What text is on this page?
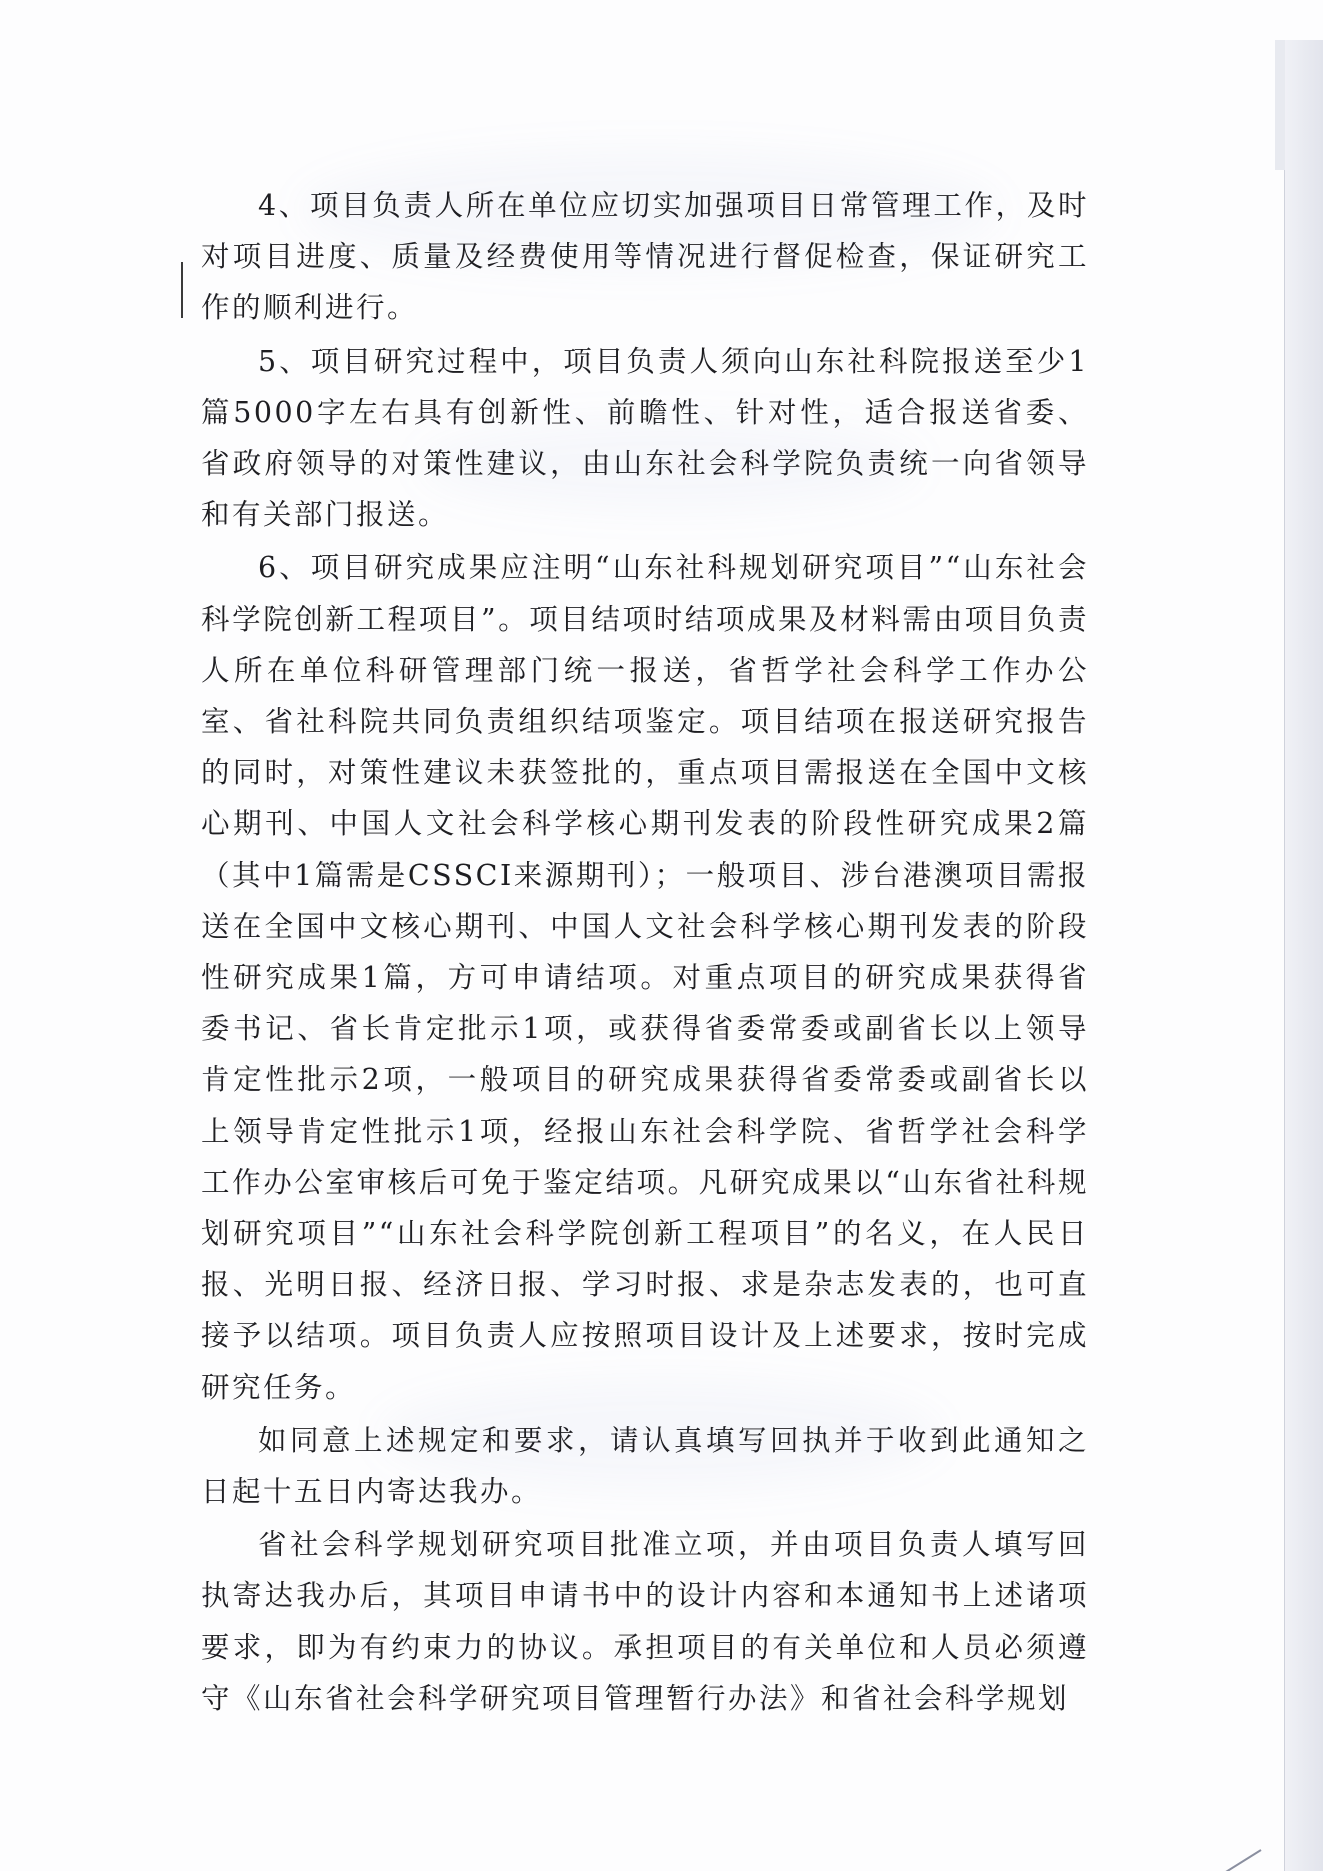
4、项目负责人所在单位应切实加强项目日常管理工作，及时对项目进度、质量及经费使用等情况进行督促检查，保证研究工作的顺利进行。

5、项目研究过程中，项目负责人须向山东社科院报送至少1篇5000字左右具有创新性、前瞻性、针对性，适合报送省委、省政府领导的对策性建议，由山东社会科学院负责统一向省领导和有关部门报送。

6、项目研究成果应注明“山东社科规划研究项目”“山东社会科学院创新工程项目”。项目结项时结项成果及材料需由项目负责人所在单位科研管理部门统一报送，省哲学社会科学工作办公室、省社科院共同负责组织结项鉴定。项目结项在报送研究报告的同时，对策性建议未获签批的，重点项目需报送在全国中文核心期刊、中国人文社会科学核心期刊发表的阶段性研究成果2篇（其中1篇需是CSSCI来源期刊）；一般项目、涉台港澳项目需报送在全国中文核心期刊、中国人文社会科学核心期刊发表的阶段性研究成果1篇，方可申请结项。对重点项目的研究成果获得省委书记、省长肯定批示1项，或获得省委常委或副省长以上领导肯定性批示2项，一般项目的研究成果获得省委常委或副省长以上领导肯定性批示1项，经报山东社会科学院、省哲学社会科学工作办公室审核后可免于鉴定结项。凡研究成果以“山东省社科规划研究项目”“山东社会科学院创新工程项目”的名义，在人民日报、光明日报、经济日报、学习时报、求是杂志发表的，也可直接予以结项。项目负责人应按照项目设计及上述要求，按时完成研究任务。

如同意上述规定和要求，请认真填写回执并于收到此通知之日起十五日内寄达我办。

省社会科学规划研究项目批准立项，并由项目负责人填写回执寄达我办后，其项目申请书中的设计内容和本通知书上述诸项要求，即为有约束力的协议。承担项目的有关单位和人员必须遵守《山东省社会科学研究项目管理暂行办法》和省社会科学规划
